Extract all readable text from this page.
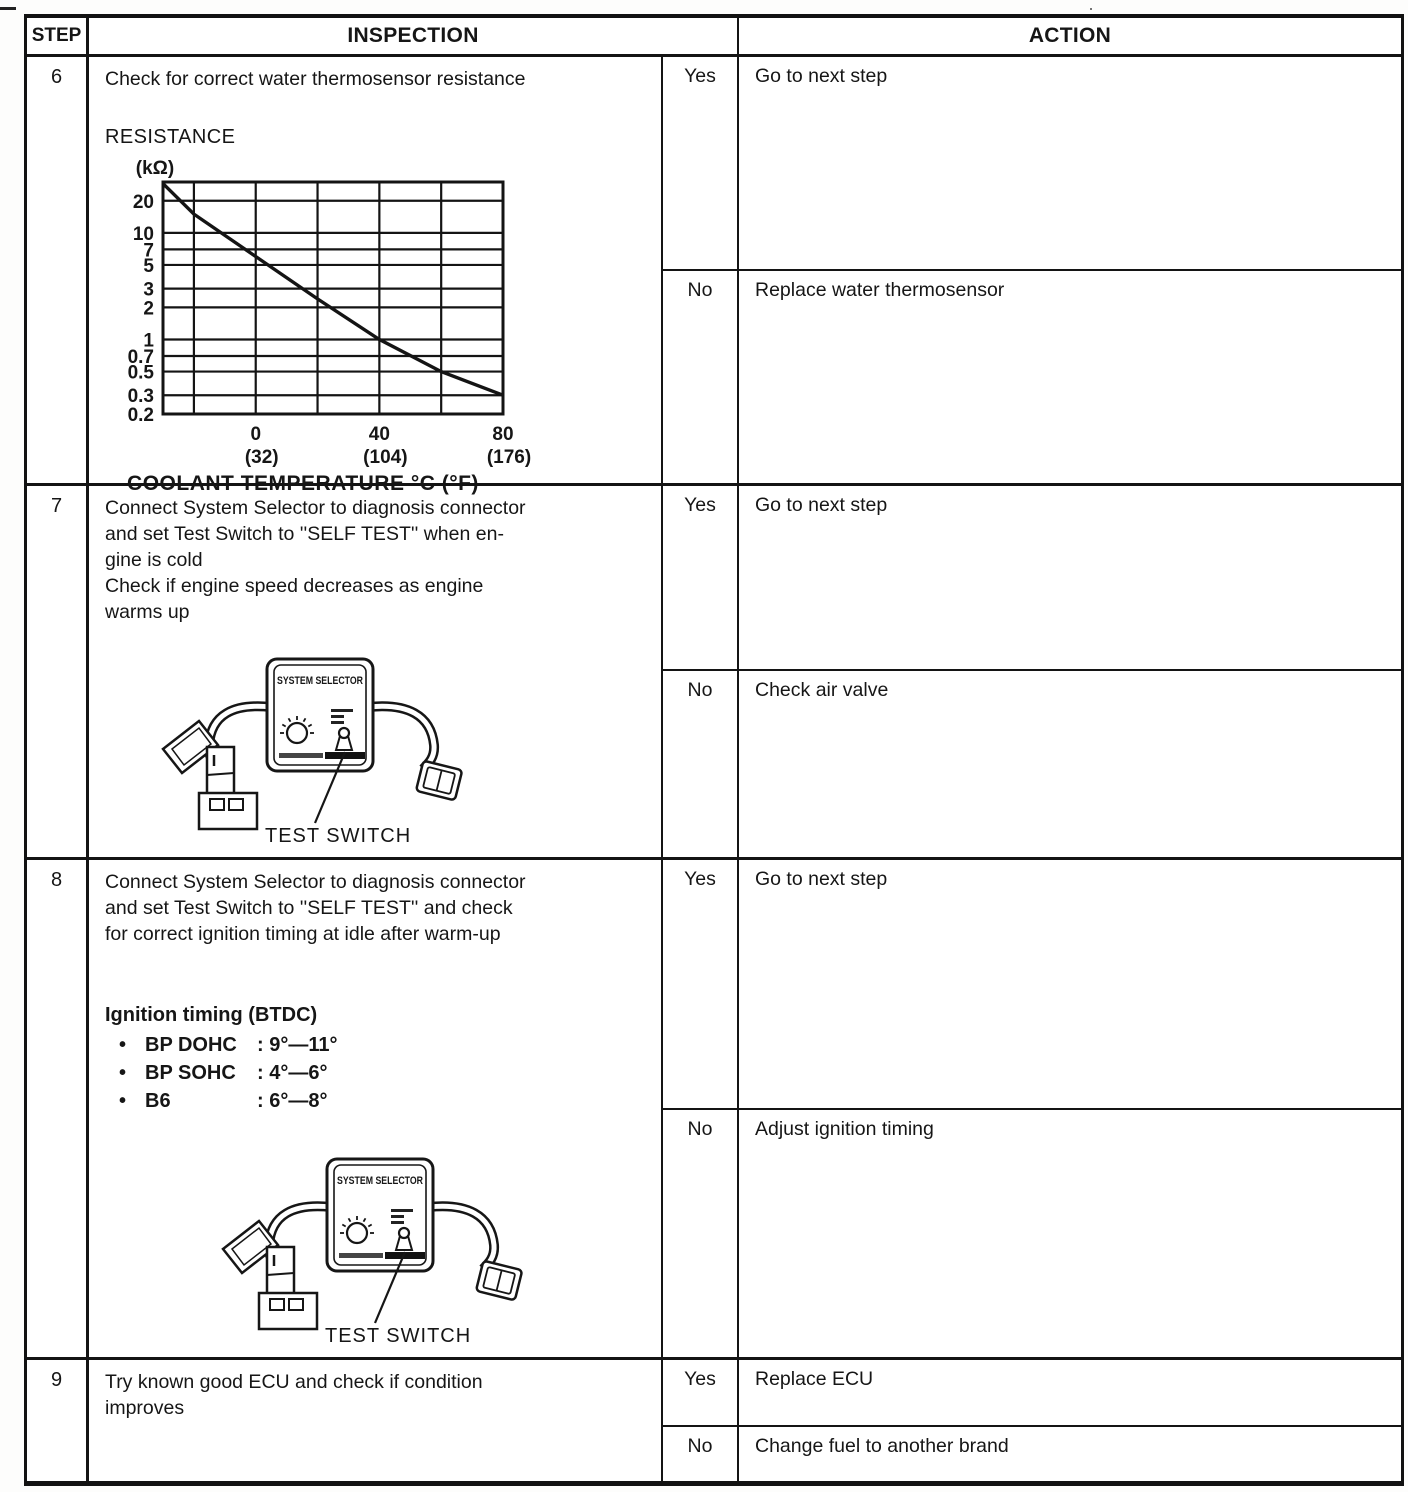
STEP	INSPECTION	ACTION
6	Check for correct water thermosensor resistance
RESISTANCE
20
10
7
5
3
2
1
0.7
0.5
0.3
0.2
0
(32)
40
(104)
80
(176)
(kΩ)
COOLANT TEMPERATURE °C (°F)
Yes	Go to next step
No	Replace water thermosensor
7	Connect System Selector to diagnosis connector
and set Test Switch to ''SELF TEST'' when en-
gine is cold
Check if engine speed decreases as engine
warms up
SYSTEM SELECTOR
TEST SWITCH
Yes	Go to next step
No	Check air valve
8	Connect System Selector to diagnosis connector
and set Test Switch to ''SELF TEST'' and check
for correct ignition timing at idle after warm-up
Ignition timing (BTDC)
• BP DOHC	: 9°—11°
• BP SOHC	: 4°—6°
• B6	: 6°—8°
SYSTEM SELECTOR
TEST SWITCH
Yes	Go to next step
No	Adjust ignition timing
9	Try known good ECU and check if condition
improves
Yes	Replace ECU
No	Change fuel to another brand
